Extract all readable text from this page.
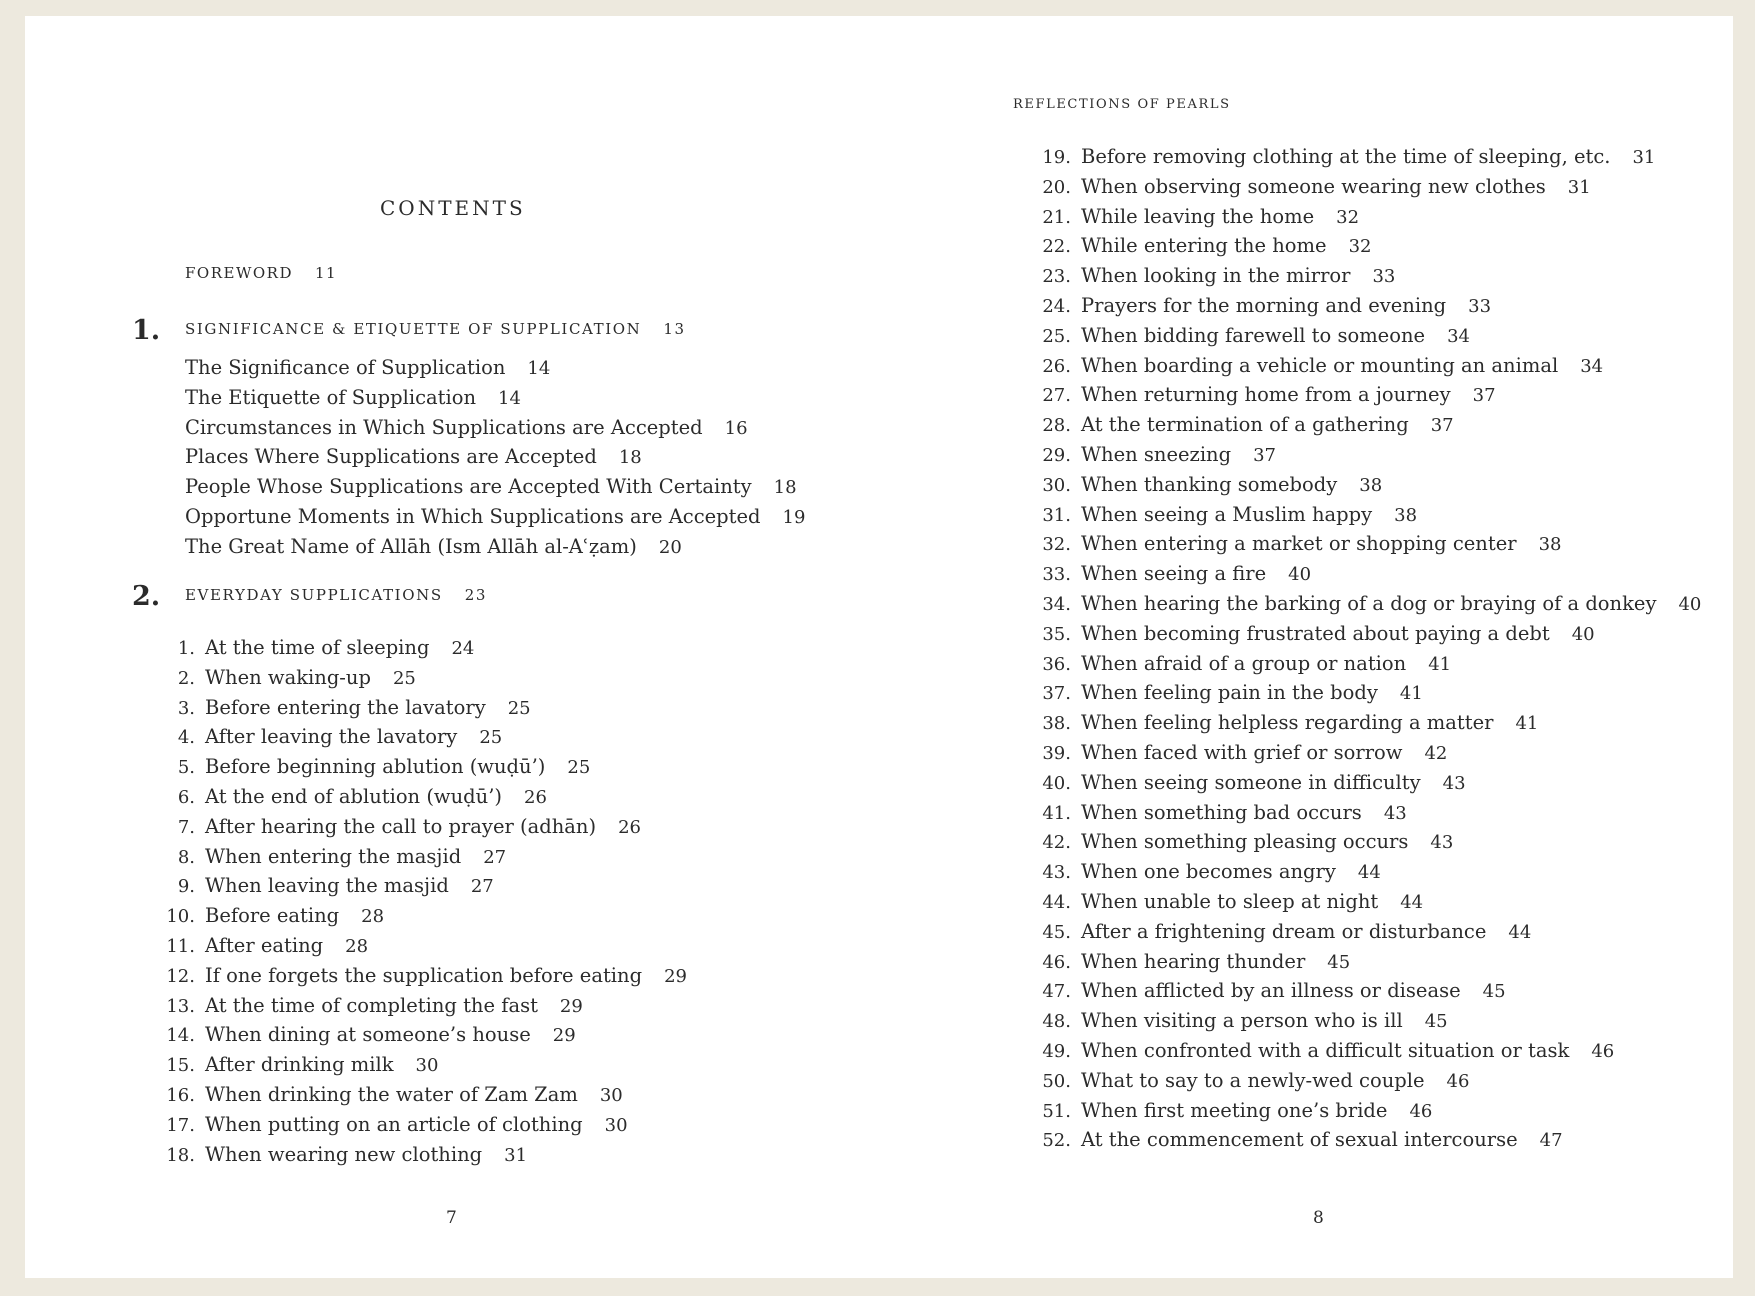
CONTENTS
FOREWORD 11
1. SIGNIFICANCE & ETIQUETTE OF SUPPLICATION 13
The Significance of Supplication 14
The Etiquette of Supplication 14
Circumstances in Which Supplications are Accepted 16
Places Where Supplications are Accepted 18
People Whose Supplications are Accepted With Certainty 18
Opportune Moments in Which Supplications are Accepted 19
The Great Name of Allāh (Ism Allāh al-Aʿẓam) 20
2. EVERYDAY SUPPLICATIONS 23
1. At the time of sleeping 24
2. When waking-up 25
3. Before entering the lavatory 25
4. After leaving the lavatory 25
5. Before beginning ablution (wuḍū’) 25
6. At the end of ablution (wuḍū’) 26
7. After hearing the call to prayer (adhān) 26
8. When entering the masjid 27
9. When leaving the masjid 27
10. Before eating 28
11. After eating 28
12. If one forgets the supplication before eating 29
13. At the time of completing the fast 29
14. When dining at someone’s house 29
15. After drinking milk 30
16. When drinking the water of Zam Zam 30
17. When putting on an article of clothing 30
18. When wearing new clothing 31
7
REFLECTIONS OF PEARLS
19. Before removing clothing at the time of sleeping, etc. 31
20. When observing someone wearing new clothes 31
21. While leaving the home 32
22. While entering the home 32
23. When looking in the mirror 33
24. Prayers for the morning and evening 33
25. When bidding farewell to someone 34
26. When boarding a vehicle or mounting an animal 34
27. When returning home from a journey 37
28. At the termination of a gathering 37
29. When sneezing 37
30. When thanking somebody 38
31. When seeing a Muslim happy 38
32. When entering a market or shopping center 38
33. When seeing a fire 40
34. When hearing the barking of a dog or braying of a donkey 40
35. When becoming frustrated about paying a debt 40
36. When afraid of a group or nation 41
37. When feeling pain in the body 41
38. When feeling helpless regarding a matter 41
39. When faced with grief or sorrow 42
40. When seeing someone in difficulty 43
41. When something bad occurs 43
42. When something pleasing occurs 43
43. When one becomes angry 44
44. When unable to sleep at night 44
45. After a frightening dream or disturbance 44
46. When hearing thunder 45
47. When afflicted by an illness or disease 45
48. When visiting a person who is ill 45
49. When confronted with a difficult situation or task 46
50. What to say to a newly-wed couple 46
51. When first meeting one’s bride 46
52. At the commencement of sexual intercourse 47
8
